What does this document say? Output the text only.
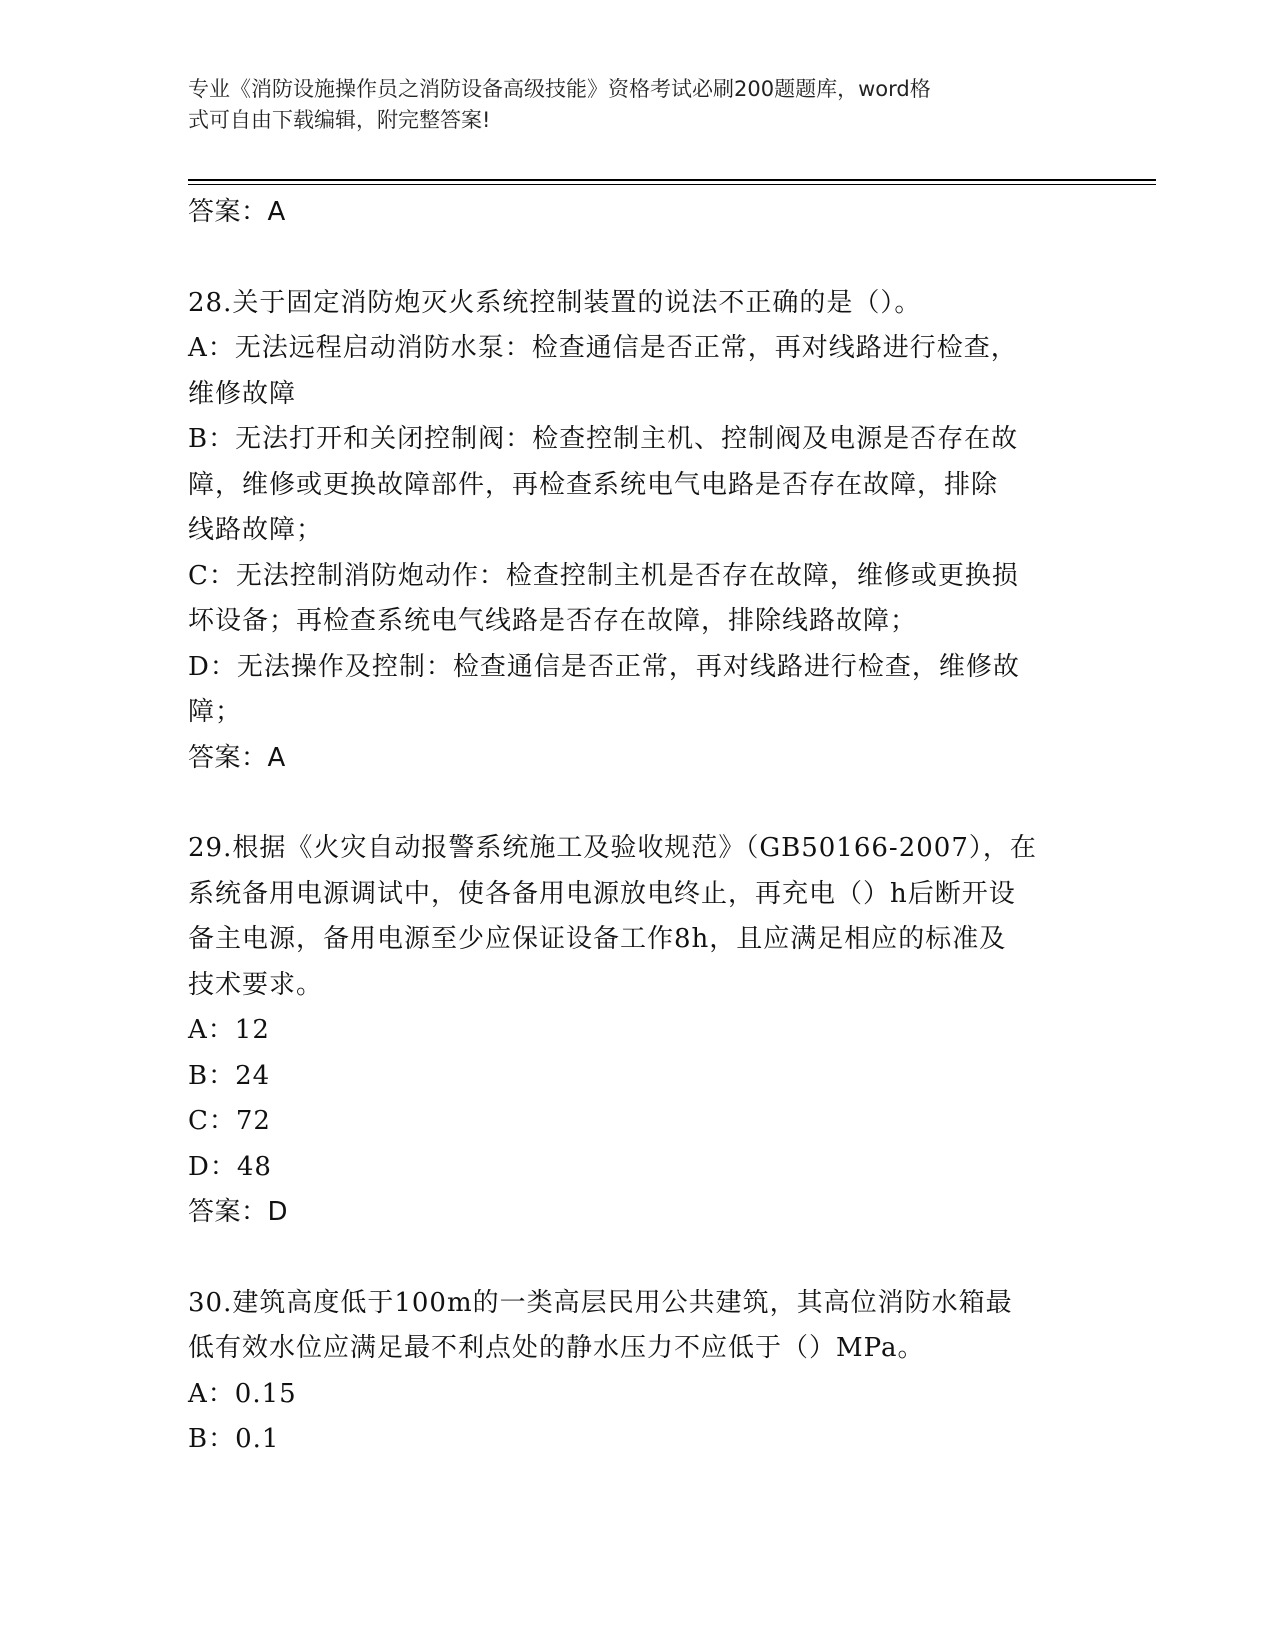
专业《消防设施操作员之消防设备高级技能》资格考试必刷200题题库，word格
式可自由下载编辑，附完整答案!
答案：A
28.关于固定消防炮灭火系统控制装置的说法不正确的是（）。
A：无法远程启动消防水泵：检查通信是否正常，再对线路进行检查，
维修故障
B：无法打开和关闭控制阀：检查控制主机、控制阀及电源是否存在故
障，维修或更换故障部件，再检查系统电气电路是否存在故障，排除
线路故障；
C：无法控制消防炮动作：检查控制主机是否存在故障，维修或更换损
坏设备；再检查系统电气线路是否存在故障，排除线路故障；
D：无法操作及控制：检查通信是否正常，再对线路进行检查，维修故
障；
答案：A
29.根据《火灾自动报警系统施工及验收规范》（GB50166-2007），在
系统备用电源调试中，使各备用电源放电终止，再充电（）h后断开设
备主电源，备用电源至少应保证设备工作8h，且应满足相应的标准及
技术要求。
A：12
B：24
C：72
D：48
答案：D
30.建筑高度低于100m的一类高层民用公共建筑，其高位消防水箱最
低有效水位应满足最不利点处的静水压力不应低于（）MPa。
A：0.15
B：0.1
